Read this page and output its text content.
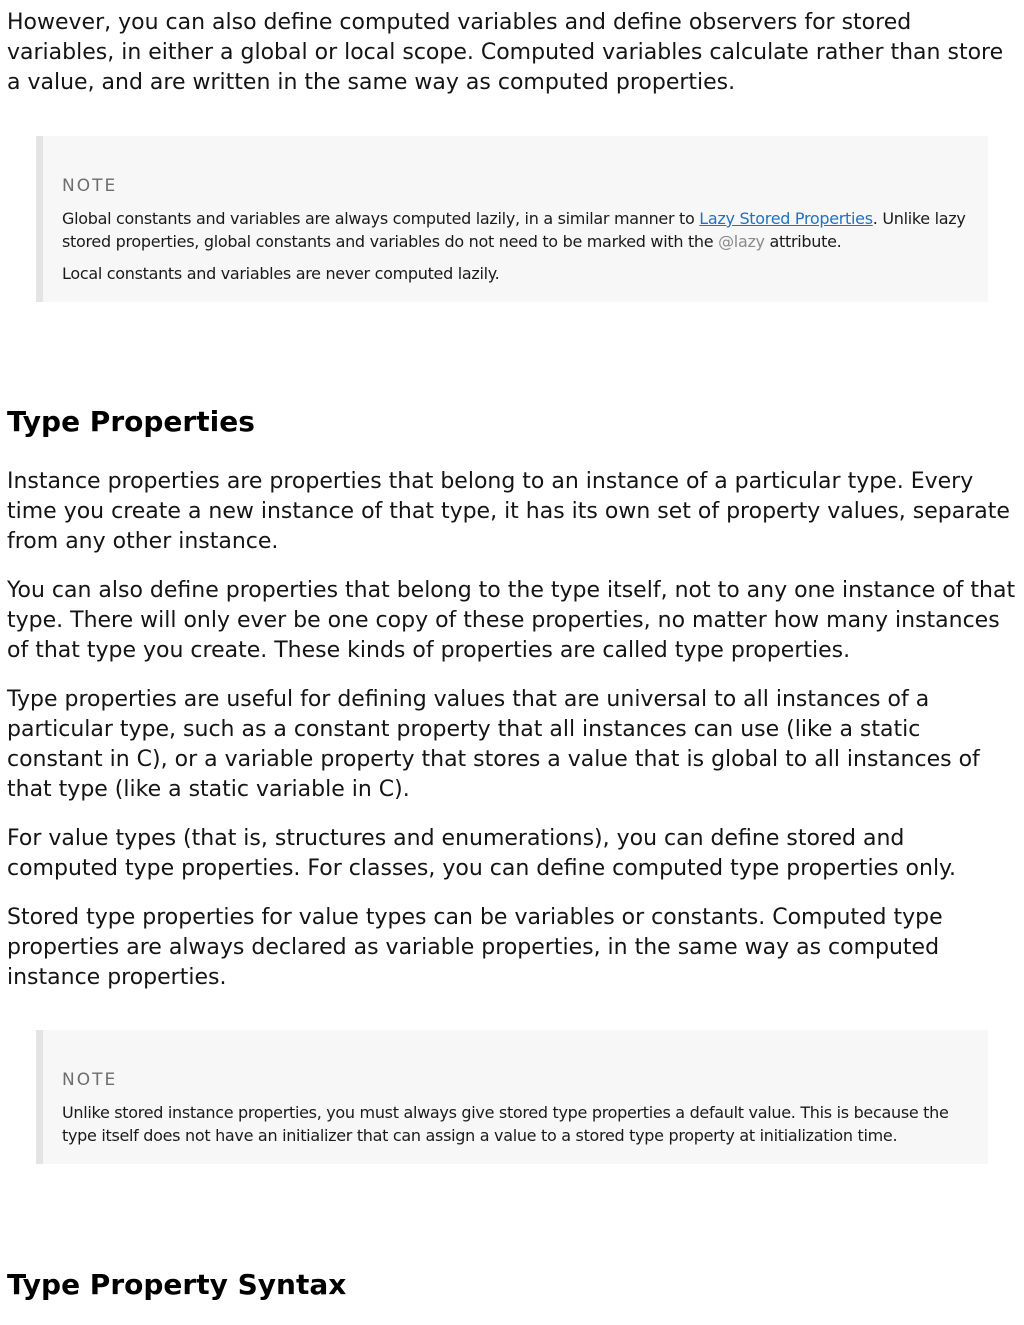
However, you can also define computed variables and define observers for stored variables, in either a global or local scope. Computed variables calculate rather than store a value, and are written in the same way as computed properties.

NOTE

Global constants and variables are always computed lazily, in a similar manner to Lazy Stored Properties. Unlike lazy stored properties, global constants and variables do not need to be marked with the @lazy attribute.

Local constants and variables are never computed lazily.

Type Properties

Instance properties are properties that belong to an instance of a particular type. Every time you create a new instance of that type, it has its own set of property values, separate from any other instance.

You can also define properties that belong to the type itself, not to any one instance of that type. There will only ever be one copy of these properties, no matter how many instances of that type you create. These kinds of properties are called type properties.

Type properties are useful for defining values that are universal to all instances of a particular type, such as a constant property that all instances can use (like a static constant in C), or a variable property that stores a value that is global to all instances of that type (like a static variable in C).

For value types (that is, structures and enumerations), you can define stored and computed type properties. For classes, you can define computed type properties only.

Stored type properties for value types can be variables or constants. Computed type properties are always declared as variable properties, in the same way as computed instance properties.

NOTE

Unlike stored instance properties, you must always give stored type properties a default value. This is because the type itself does not have an initializer that can assign a value to a stored type property at initialization time.

Type Property Syntax
